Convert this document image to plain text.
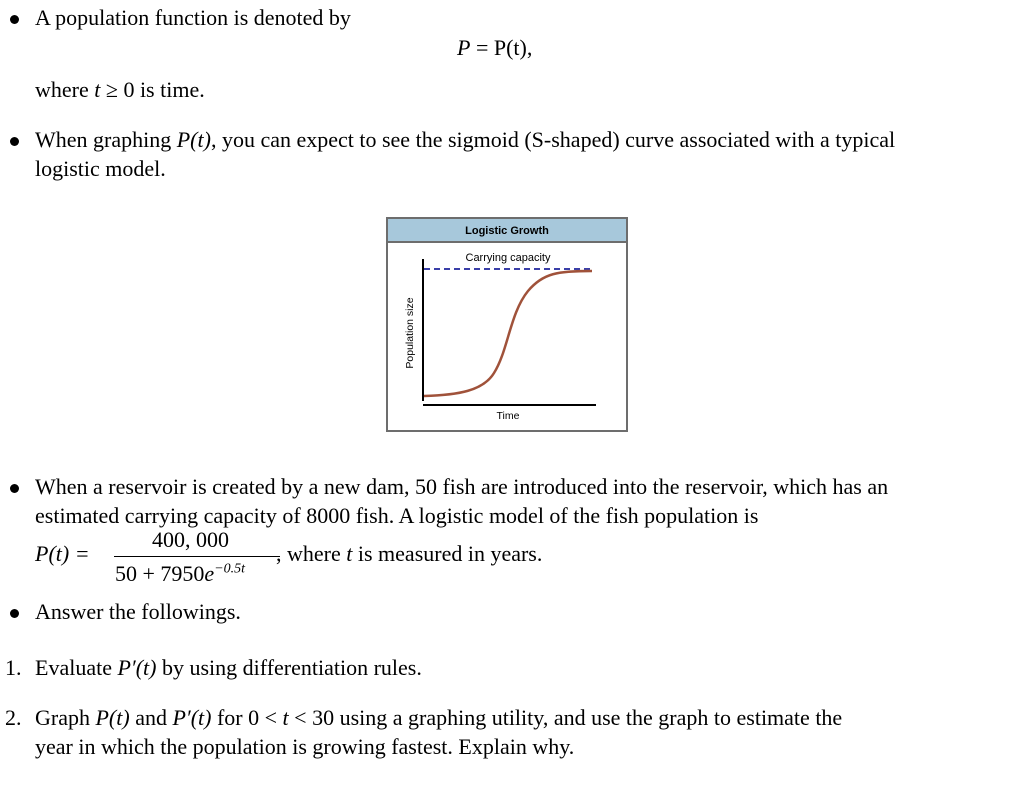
A population function is denoted by
P = P(t),
where t ≥ 0 is time.
When graphing P(t), you can expect to see the sigmoid (S-shaped) curve associated with a typical
logistic model.
Logistic Growth
Carrying capacity
Population size
Time
When a reservoir is created by a new dam, 50 fish are introduced into the reservoir, which has an
estimated carrying capacity of 8000 fish. A logistic model of the fish population is
P(t) =
400, 000
$50 + 7950e^{-0.5t}$
, where t is measured in years.
Answer the followings.
1. Evaluate P′(t) by using differentiation rules.
2. Graph P(t) and P′(t) for 0 < t < 30 using a graphing utility, and use the graph to estimate the
year in which the population is growing fastest. Explain why.
